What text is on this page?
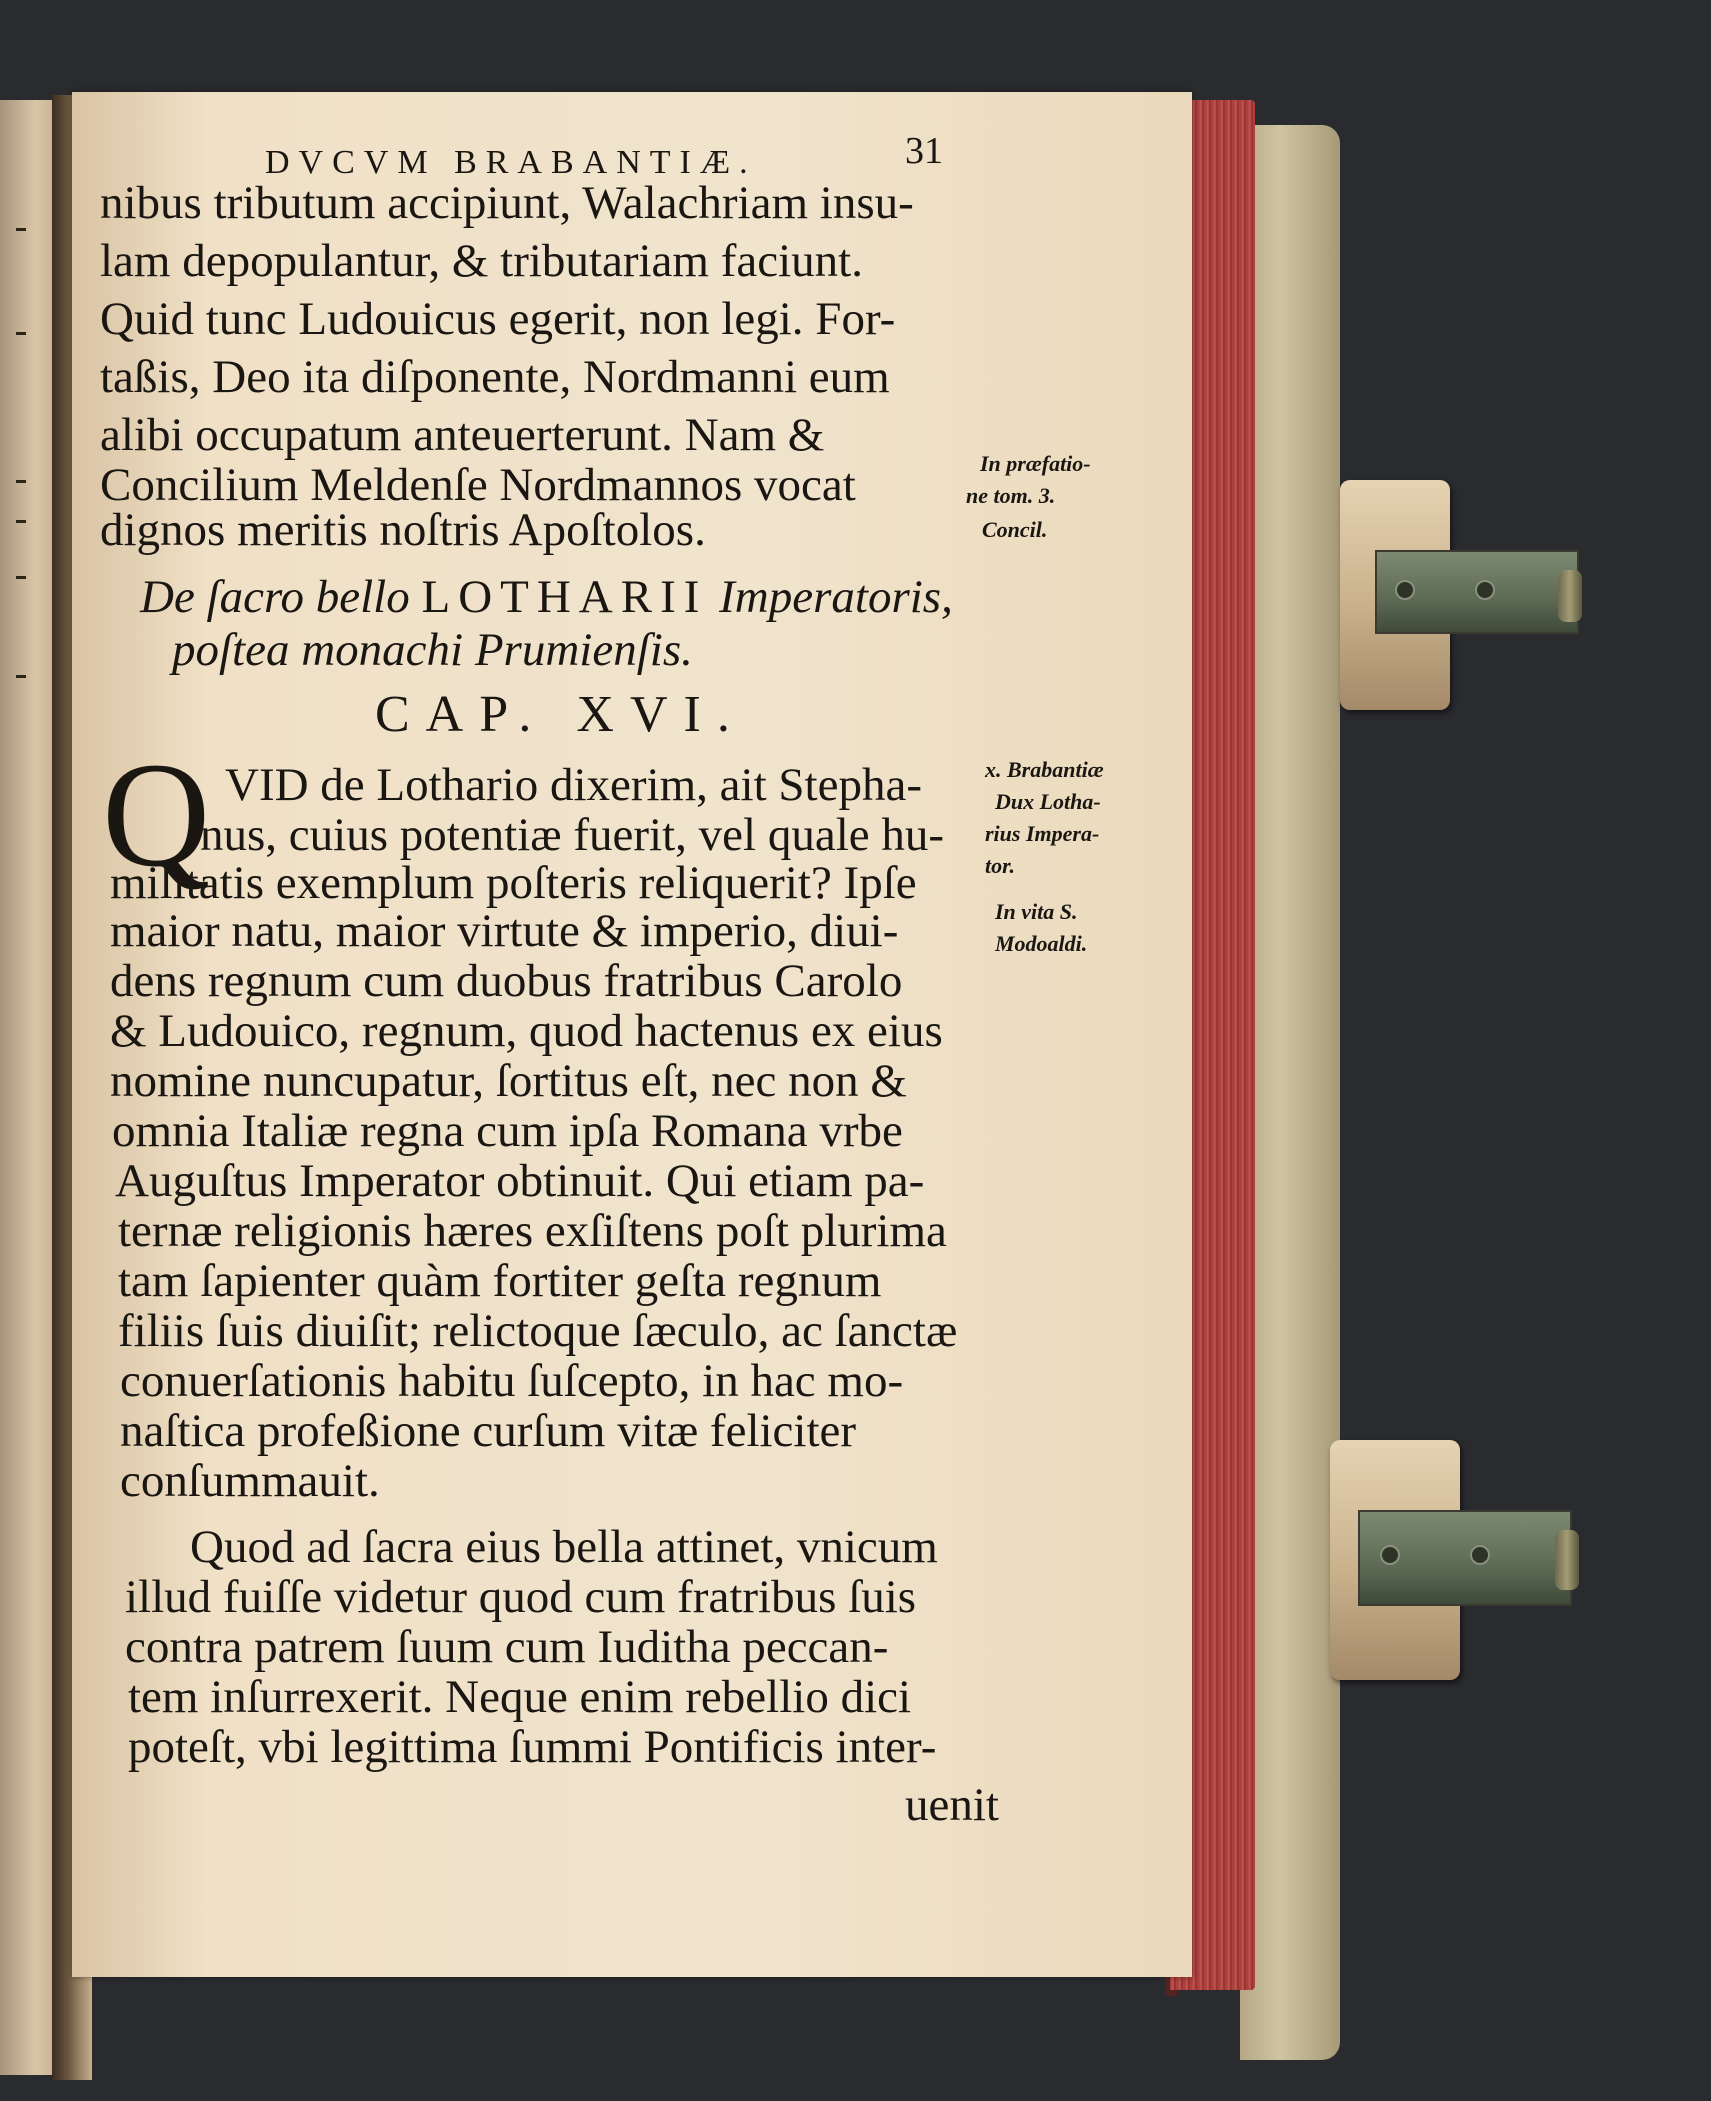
DVCVM BRABANTIÆ.	31
nibus tributum accipiunt, Walachriam insu-
lam depopulantur, & tributariam faciunt.
Quid tunc Ludouicus egerit, non legi. For-
taßis, Deo ita diſponente, Nordmanni eum
alibi occupatum anteuerterunt. Nam &
Concilium Meldenſe Nordmannos vocat
dignos meritis noſtris Apoſtolos.
In præfatio-
ne tom. 3.
Concil.
De ſacro bello LOTHARII Imperatoris,
poſtea monachi Prumienſis.
CAP. XVI.
Q VID de Lothario dixerim, ait Stepha-
nus, cuius potentiæ fuerit, vel quale hu-
militatis exemplum poſteris reliquerit? Ipſe
maior natu, maior virtute & imperio, diui-
dens regnum cum duobus fratribus Carolo
& Ludouico, regnum, quod hactenus ex eius
nomine nuncupatur, ſortitus eſt, nec non &
omnia Italiæ regna cum ipſa Romana vrbe
Auguſtus Imperator obtinuit. Qui etiam pa-
ternæ religionis hæres exſiſtens poſt plurima
tam ſapienter quàm fortiter geſta regnum
filiis ſuis diuiſit; relictoque ſæculo, ac ſanctæ
conuerſationis habitu ſuſcepto, in hac mo-
naſtica profeßione curſum vitæ feliciter
conſummauit.
x. Brabantiæ
Dux Lotha-
rius Impera-
tor.
In vita S.
Modoaldi.
Quod ad ſacra eius bella attinet, vnicum
illud fuiſſe videtur quod cum fratribus ſuis
contra patrem ſuum cum Iuditha peccan-
tem inſurrexerit. Neque enim rebellio dici
poteſt, vbi legittima ſummi Pontificis inter-
uenit
